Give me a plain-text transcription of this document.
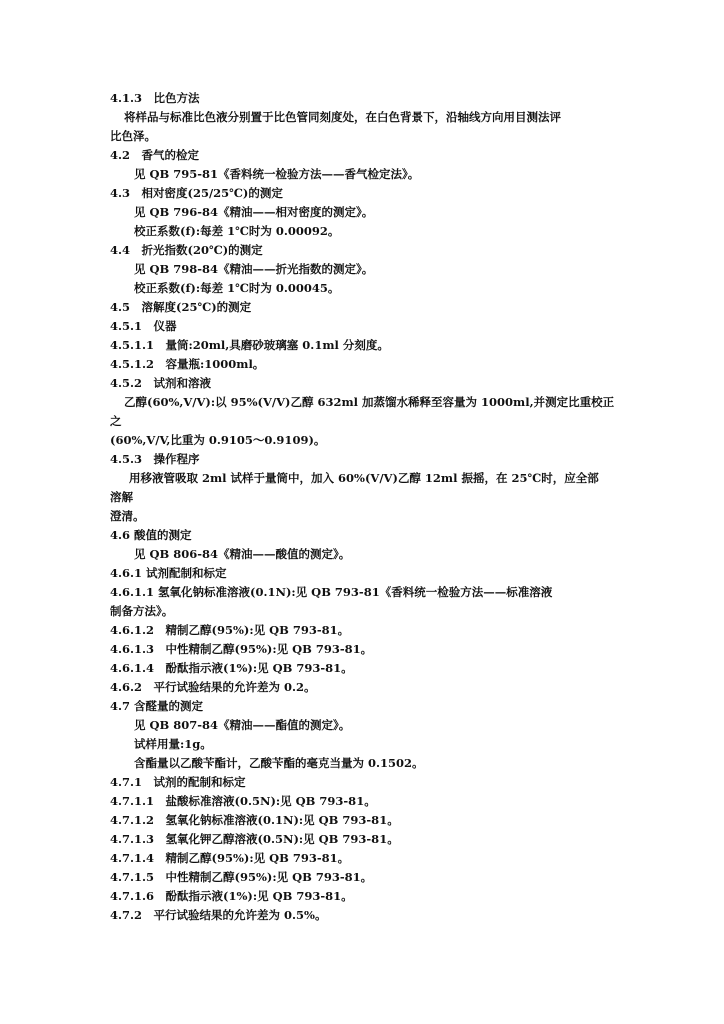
4.1.3　比色方法
将样品与标准比色液分别置于比色管同刻度处，在白色背景下，沿轴线方向用目测法评
比色泽。
4.2　香气的检定
见 QB 795-81《香料统一检验方法——香气检定法》。
4.3　相对密度(25/25℃)的测定
见 QB 796-84《精油——相对密度的测定》。
校正系数(f):每差 1℃时为 0.00092。
4.4　折光指数(20℃)的测定
见 QB 798-84《精油——折光指数的测定》。
校正系数(f):每差 1℃时为 0.00045。
4.5　溶解度(25℃)的测定
4.5.1　仪器
4.5.1.1　量筒:20ml,具磨砂玻璃塞 0.1ml 分刻度。
4.5.1.2　容量瓶:1000ml。
4.5.2　试剂和溶液
乙醇(60%,V/V):以 95%(V/V)乙醇 632ml 加蒸馏水稀释至容量为 1000ml,并测定比重校正
之
(60%,V/V,比重为 0.9105～0.9109)。
4.5.3　操作程序
用移液管吸取 2ml 试样于量筒中，加入 60%(V/V)乙醇 12ml 振摇，在 25℃时，应全部
溶解
澄清。
4.6 酸值的测定
见 QB 806-84《精油——酸值的测定》。
4.6.1 试剂配制和标定
4.6.1.1 氢氧化钠标准溶液(0.1N):见 QB 793-81《香料统一检验方法——标准溶液
制备方法》。
4.6.1.2　精制乙醇(95%):见 QB 793-81。
4.6.1.3　中性精制乙醇(95%):见 QB 793-81。
4.6.1.4　酚酞指示液(1%):见 QB 793-81。
4.6.2　平行试验结果的允许差为 0.2。
4.7 含醛量的测定
见 QB 807-84《精油——酯值的测定》。
试样用量:1g。
含酯量以乙酸苄酯计，乙酸苄酯的毫克当量为 0.1502。
4.7.1　试剂的配制和标定
4.7.1.1　盐酸标准溶液(0.5N):见 QB 793-81。
4.7.1.2　氢氧化钠标准溶液(0.1N):见 QB 793-81。
4.7.1.3　氢氧化钾乙醇溶液(0.5N):见 QB 793-81。
4.7.1.4　精制乙醇(95%):见 QB 793-81。
4.7.1.5　中性精制乙醇(95%):见 QB 793-81。
4.7.1.6　酚酞指示液(1%):见 QB 793-81。
4.7.2　平行试验结果的允许差为 0.5%。
